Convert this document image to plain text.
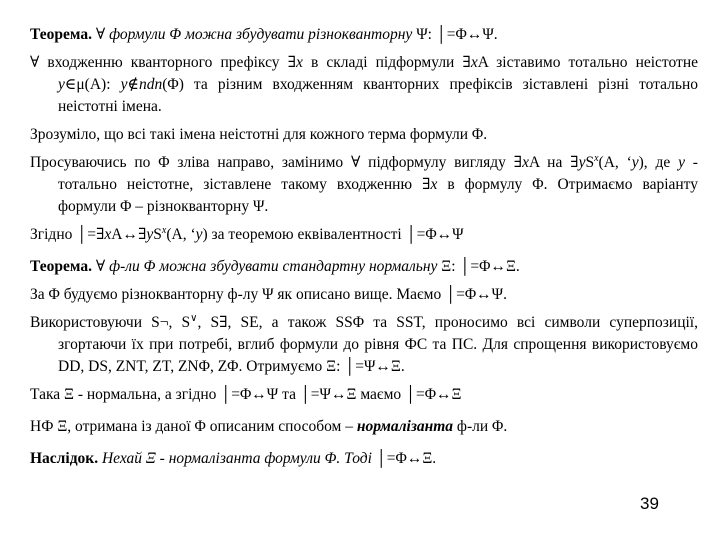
Теорема. ∀ формули Φ можна збудувати різнокванторну Ψ: │=Φ↔Ψ.

∀ входженню кванторного префіксу ∃x в складі підформули ∃xA зіставимо тотально неістотне y∈μ(A): y∉ndn(Φ) та різним входженням кванторних префіксів зіставлені різні тотально неістотні імена.

Зрозуміло, що всі такі імена неістотні для кожного терма формули Φ.

Просуваючись по Φ зліва направо, замінимо ∀ підформулу вигляду ∃xA на $\exists yS^x(A$, ‘y), де y ‑ тотально неістотне, зіставлене такому входженню ∃x в формулу Φ. Отримаємо варіанту формули Φ – різнокванторну Ψ.

Згідно $│=\exists xA\leftrightarrow\exists yS^x(A$, ‘y) за теоремою еквівалентності │=Φ↔Ψ

Теорема. ∀ ф-ли Φ можна збудувати стандартну нормальну Ξ: │=Φ↔Ξ.

За Φ будуємо різнокванторну ф-лу Ψ як описано вище. Маємо │=Φ↔Ψ.

Використовуючи S¬, S∨, S∃, SE, а також SSΦ та SST, проносимо всі символи суперпозиції, згортаючи їх при потребі, вглиб формули до рівня ФС та ПС. Для спрощення використовуємо DD, DS, ZNT, ZT, ZNΦ, ZΦ. Отримуємо Ξ: │=Ψ↔Ξ.

Така Ξ ‑ нормальна, а згідно │=Φ↔Ψ та │=Ψ↔Ξ маємо │=Φ↔Ξ

НФ Ξ, отримана із даної Φ описаним способом – нормалізанта ф-ли Φ.

Наслідок. Нехай Ξ ‑ нормалізанта формули Φ. Тоді │=Φ↔Ξ.

39
